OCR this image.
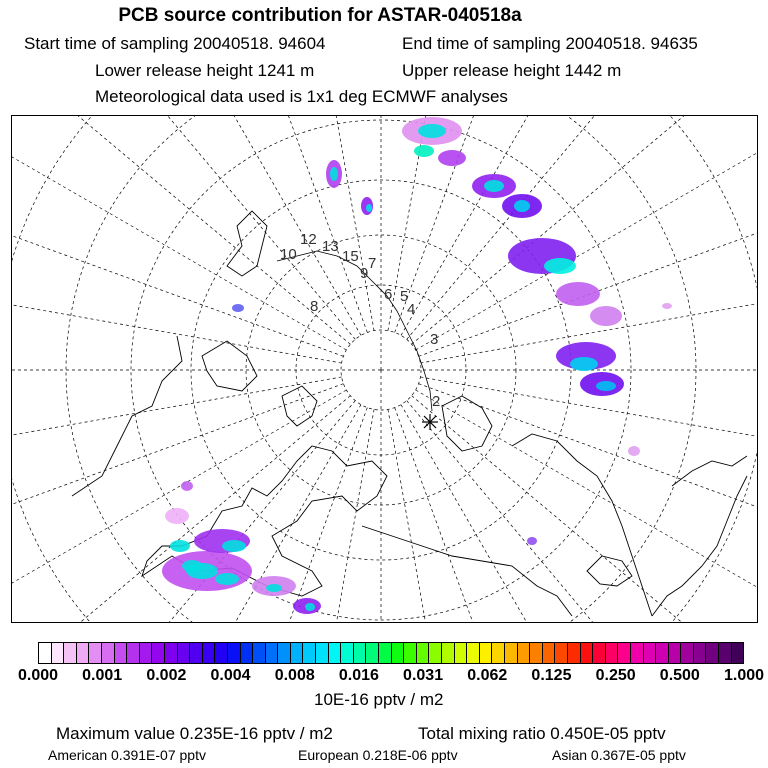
PCB source contribution for ASTAR-040518a
Start time of sampling 20040518. 94604	End time of sampling 20040518. 94635
Lower release height 1241 m	Upper release height 1442 m
Meteorological data used is 1x1 deg ECMWF analyses
10
12 13
15 7
9
8
6 5
4
3
2
0.000 0.001 0.002 0.004 0.008 0.016 0.031 0.062 0.125 0.250 0.500 1.000
10E-16 pptv / m2
Maximum value 0.235E-16 pptv / m2	Total mixing ratio 0.450E-05 pptv
American 0.391E-07 pptv	European 0.218E-06 pptv	Asian 0.367E-05 pptv
